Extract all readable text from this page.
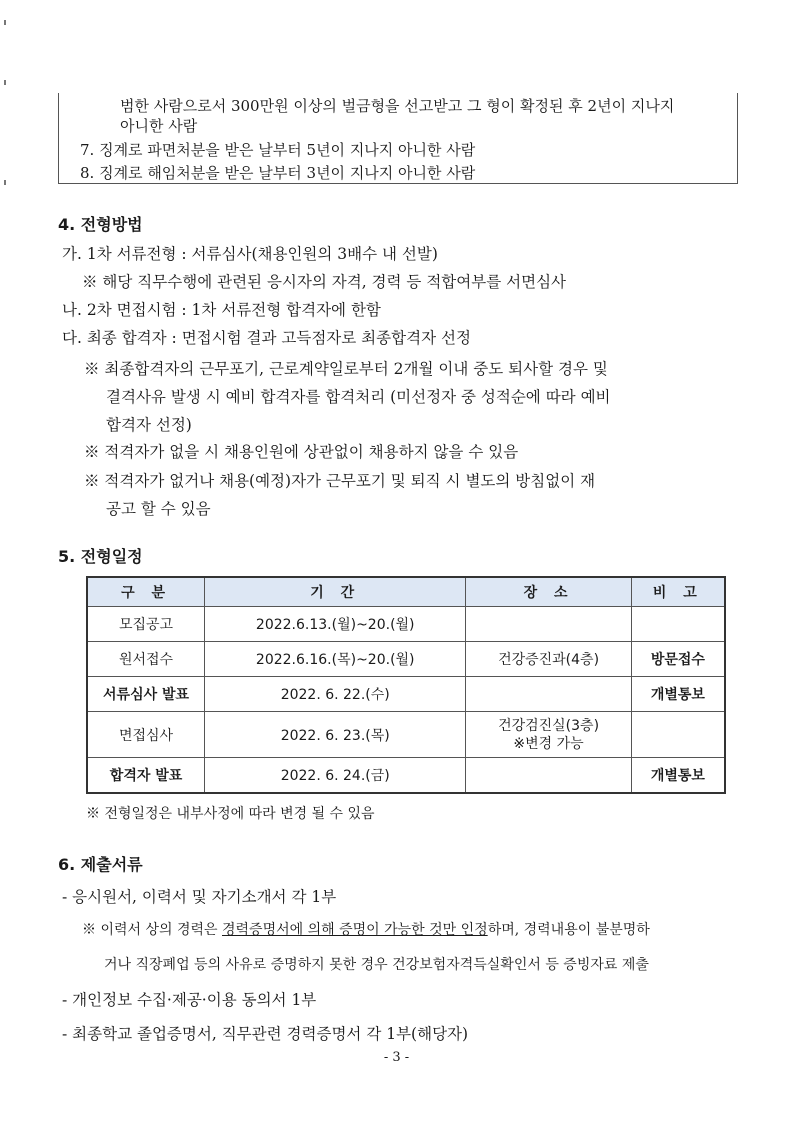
범한 사람으로서 300만원 이상의 벌금형을 선고받고 그 형이 확정된 후 2년이 지나지
아니한 사람
7. 징계로 파면처분을 받은 날부터 5년이 지나지 아니한 사람
8. 징계로 해임처분을 받은 날부터 3년이 지나지 아니한 사람
4. 전형방법
가. 1차 서류전형 : 서류심사(채용인원의 3배수 내 선발)
※ 해당 직무수행에 관련된 응시자의 자격, 경력 등 적합여부를 서면심사
나. 2차 면접시험 : 1차 서류전형 합격자에 한함
다. 최종 합격자 : 면접시험 결과 고득점자로 최종합격자 선정
※ 최종합격자의 근무포기, 근로계약일로부터 2개월 이내 중도 퇴사할 경우 및
결격사유 발생 시 예비 합격자를 합격처리 (미선정자 중 성적순에 따라 예비
합격자 선정)
※ 적격자가 없을 시 채용인원에 상관없이 채용하지 않을 수 있음
※ 적격자가 없거나 채용(예정)자가 근무포기 및 퇴직 시 별도의 방침없이 재
공고 할 수 있음
5. 전형일정
구 분	기 간	장 소	비 고
모집공고	2022.6.13.(월)~20.(월)		
원서접수	2022.6.16.(목)~20.(월)	건강증진과(4층)	방문접수
서류심사 발표	2022. 6. 22.(수)		개별통보
면접심사	2022. 6. 23.(목)	건강검진실(3층)
※변경 가능	

합격자 발표	2022. 6. 24.(금)		개별통보
※ 전형일정은 내부사정에 따라 변경 될 수 있음
6. 제출서류
- 응시원서, 이력서 및 자기소개서 각 1부
※ 이력서 상의 경력은 경력증명서에 의해 증명이 가능한 것만 인정하며, 경력내용이 불분명하
거나 직장폐업 등의 사유로 증명하지 못한 경우 건강보험자격득실확인서 등 증빙자료 제출
- 개인정보 수집·제공·이용 동의서 1부
- 최종학교 졸업증명서, 직무관련 경력증명서 각 1부(해당자)
- 3 -
